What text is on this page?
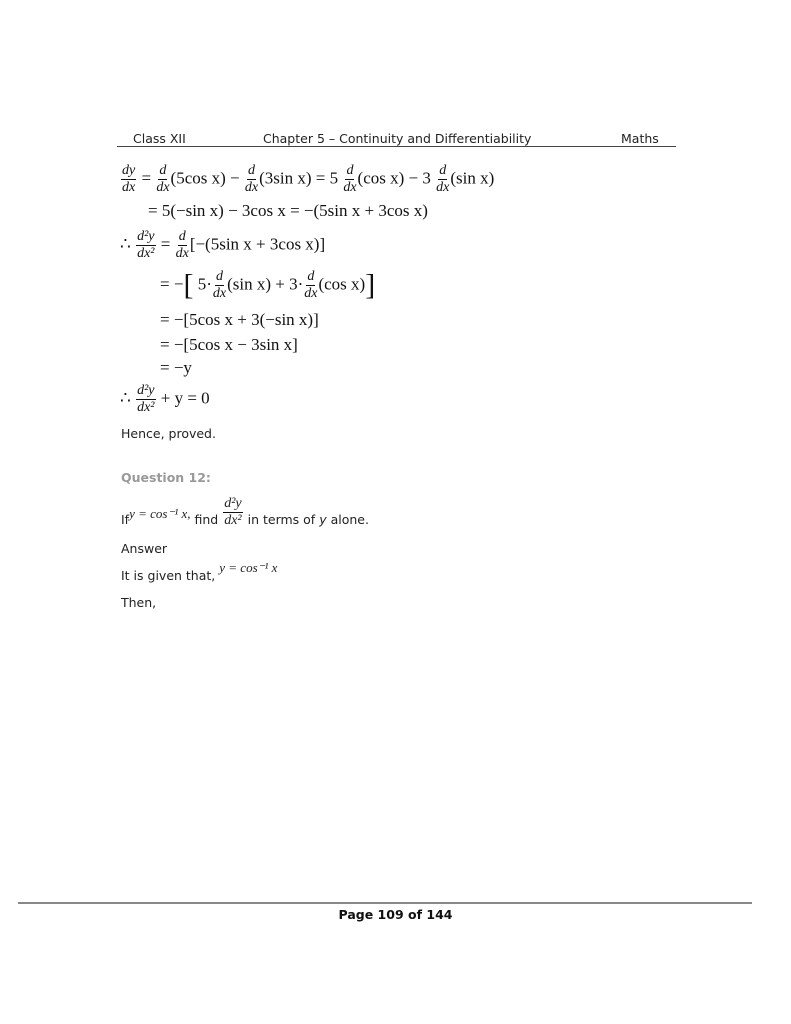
Class XII	Chapter 5 – Continuity and Differentiability	Maths
$\frac{dy}{dx} = \frac{d}{dx} (5\cos$ $x) - \frac{d}{dx} (3\sin$ $x) = 5 \frac{d}{dx} (\cos$ $x) - 3 \frac{d}{dx} (\sin$ x)
= 5(−sin x) − 3cos x = −(5sin x + 3cos x)
∴ $\frac{\text{d²y}}{\text{dx²}} = \frac{d}{dx} [-(5\sin$ x + 3cos x)]
= −[ $5\cdot \frac{d}{dx} (\sin$ $x) + 3\cdot \frac{d}{dx} (\cos$ x)]
= −[5cos x + 3(−sin x)]
= −[5cos x − 3sin x]
= −y
∴ $\frac{\text{d²y}}{\text{dx²}} + y = 0$
Hence, proved.
Question 12:
Ify = cos⁻¹ x, find $\frac{\text{d²y}}{\text{dx²}}$ in terms of y alone.
Answer
It is given that, y = cos⁻¹ x
Then,
Page 109 of 144
